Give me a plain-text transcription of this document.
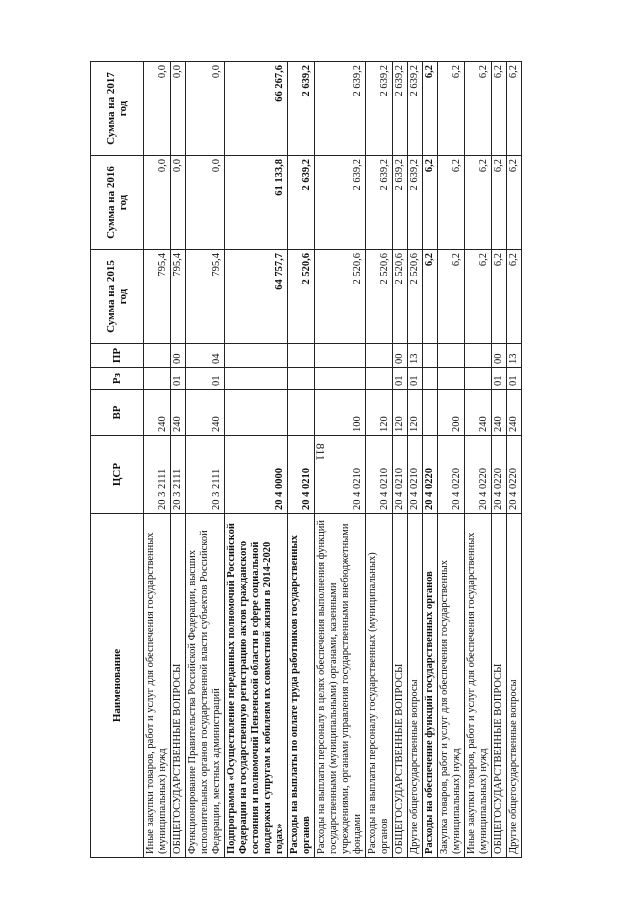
811
Наименование	ЦСР	ВР	Рз	ПР	Сумма на 2015 год	Сумма на 2016 год	Сумма на 2017 год
Иные закупки товаров, работ и услуг для обеспечения государственных (муниципальных) нужд	20 3 2111	240			795,4	0,0	0,0
ОБЩЕГОСУДАРСТВЕННЫЕ ВОПРОСЫ	20 3 2111	240	01	00	795,4	0,0	0,0
Функционирование Правительства Российской Федерации, высших исполнительных органов государственной власти субъектов Российской Федерации, местных администраций	20 3 2111	240	01	04	795,4	0,0	0,0
Подпрограмма «Осуществление переданных полномочий Российской Федерации на государственную регистрацию актов гражданского состояния и полномочий Пензенской области в сфере социальной поддержки супругам к юбилеям их совместной жизни в 2014-2020 годах»	20 4 0000				64 757,7	61 133,8	66 267,6
Расходы на выплаты по оплате труда работников государственных органов	20 4 0210				2 520,6	2 639,2	2 639,2
Расходы на выплаты персоналу в целях обеспечения выполнения функций государственными (муниципальными) органами, казенными учреждениями, органами управления государственными внебюджетными фондами	20 4 0210	100			2 520,6	2 639,2	2 639,2
Расходы на выплаты персоналу государственных (муниципальных) органов	20 4 0210	120			2 520,6	2 639,2	2 639,2
ОБЩЕГОСУДАРСТВЕННЫЕ ВОПРОСЫ	20 4 0210	120	01	00	2 520,6	2 639,2	2 639,2
Другие общегосударственные вопросы	20 4 0210	120	01	13	2 520,6	2 639,2	2 639,2
Расходы на обеспечение функций государственных органов	20 4 0220				6,2	6,2	6,2
Закупка товаров, работ и услуг для обеспечения государственных (муниципальных) нужд	20 4 0220	200			6,2	6,2	6,2
Иные закупки товаров, работ и услуг для обеспечения государственных (муниципальных) нужд	20 4 0220	240			6,2	6,2	6,2
ОБЩЕГОСУДАРСТВЕННЫЕ ВОПРОСЫ	20 4 0220	240	01	00	6,2	6,2	6,2
Другие общегосударственные вопросы	20 4 0220	240	01	13	6,2	6,2	6,2
